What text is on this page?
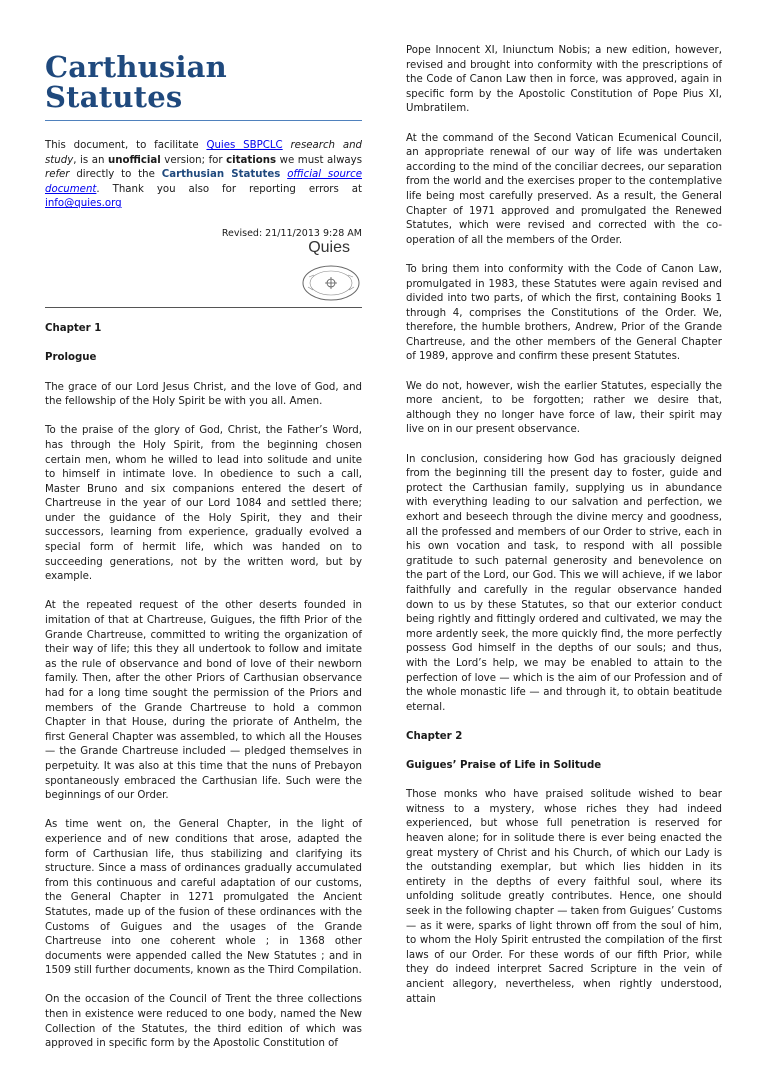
Carthusian Statutes

This document, to facilitate Quies SBPCLC research and study, is an unofficial version; for citations we must always refer directly to the Carthusian Statutes official source document. Thank you also for reporting errors at info@quies.org

Revised: 21/11/2013 9:28 AM

Quies

Chapter 1

Prologue

The grace of our Lord Jesus Christ, and the love of God, and the fellowship of the Holy Spirit be with you all. Amen.

To the praise of the glory of God, Christ, the Father’s Word, has through the Holy Spirit, from the beginning chosen certain men, whom he willed to lead into solitude and unite to himself in intimate love. In obedience to such a call, Master Bruno and six companions entered the desert of Chartreuse in the year of our Lord 1084 and settled there; under the guidance of the Holy Spirit, they and their successors, learning from experience, gradually evolved a special form of hermit life, which was handed on to succeeding generations, not by the written word, but by example.

At the repeated request of the other deserts founded in imitation of that at Chartreuse, Guigues, the fifth Prior of the Grande Chartreuse, committed to writing the organization of their way of life; this they all undertook to follow and imitate as the rule of observance and bond of love of their newborn family. Then, after the other Priors of Carthusian observance had for a long time sought the permission of the Priors and members of the Grande Chartreuse to hold a common Chapter in that House, during the priorate of Anthelm, the first General Chapter was assembled, to which all the Houses — the Grande Chartreuse included — pledged themselves in perpetuity. It was also at this time that the nuns of Prebayon spontaneously embraced the Carthusian life. Such were the beginnings of our Order.

As time went on, the General Chapter, in the light of experience and of new conditions that arose, adapted the form of Carthusian life, thus stabilizing and clarifying its structure. Since a mass of ordinances gradually accumulated from this continuous and careful adaptation of our customs, the General Chapter in 1271 promulgated the Ancient Statutes, made up of the fusion of these ordinances with the Customs of Guigues and the usages of the Grande Chartreuse into one coherent whole ; in 1368 other documents were appended called the New Statutes ; and in 1509 still further documents, known as the Third Compilation.

On the occasion of the Council of Trent the three collections then in existence were reduced to one body, named the New Collection of the Statutes, the third edition of which was approved in specific form by the Apostolic Constitution of

Pope Innocent XI, Iniunctum Nobis; a new edition, however, revised and brought into conformity with the prescriptions of the Code of Canon Law then in force, was approved, again in specific form by the Apostolic Constitution of Pope Pius XI, Umbratilem.

At the command of the Second Vatican Ecumenical Council, an appropriate renewal of our way of life was undertaken according to the mind of the conciliar decrees, our separation from the world and the exercises proper to the contemplative life being most carefully preserved. As a result, the General Chapter of 1971 approved and promulgated the Renewed Statutes, which were revised and corrected with the co-operation of all the members of the Order.

To bring them into conformity with the Code of Canon Law, promulgated in 1983, these Statutes were again revised and divided into two parts, of which the first, containing Books 1 through 4, comprises the Constitutions of the Order. We, therefore, the humble brothers, Andrew, Prior of the Grande Chartreuse, and the other members of the General Chapter of 1989, approve and confirm these present Statutes.

We do not, however, wish the earlier Statutes, especially the more ancient, to be forgotten; rather we desire that, although they no longer have force of law, their spirit may live on in our present observance.

In conclusion, considering how God has graciously deigned from the beginning till the present day to foster, guide and protect the Carthusian family, supplying us in abundance with everything leading to our salvation and perfection, we exhort and beseech through the divine mercy and goodness, all the professed and members of our Order to strive, each in his own vocation and task, to respond with all possible gratitude to such paternal generosity and benevolence on the part of the Lord, our God. This we will achieve, if we labor faithfully and carefully in the regular observance handed down to us by these Statutes, so that our exterior conduct being rightly and fittingly ordered and cultivated, we may the more ardently seek, the more quickly find, the more perfectly possess God himself in the depths of our souls; and thus, with the Lord’s help, we may be enabled to attain to the perfection of love — which is the aim of our Profession and of the whole monastic life — and through it, to obtain beatitude eternal.

Chapter 2

Guigues’ Praise of Life in Solitude

Those monks who have praised solitude wished to bear witness to a mystery, whose riches they had indeed experienced, but whose full penetration is reserved for heaven alone; for in solitude there is ever being enacted the great mystery of Christ and his Church, of which our Lady is the outstanding exemplar, but which lies hidden in its entirety in the depths of every faithful soul, where its unfolding solitude greatly contributes. Hence, one should seek in the following chapter — taken from Guigues’ Customs — as it were, sparks of light thrown off from the soul of him, to whom the Holy Spirit entrusted the compilation of the first laws of our Order. For these words of our fifth Prior, while they do indeed interpret Sacred Scripture in the vein of ancient allegory, nevertheless, when rightly understood, attain
